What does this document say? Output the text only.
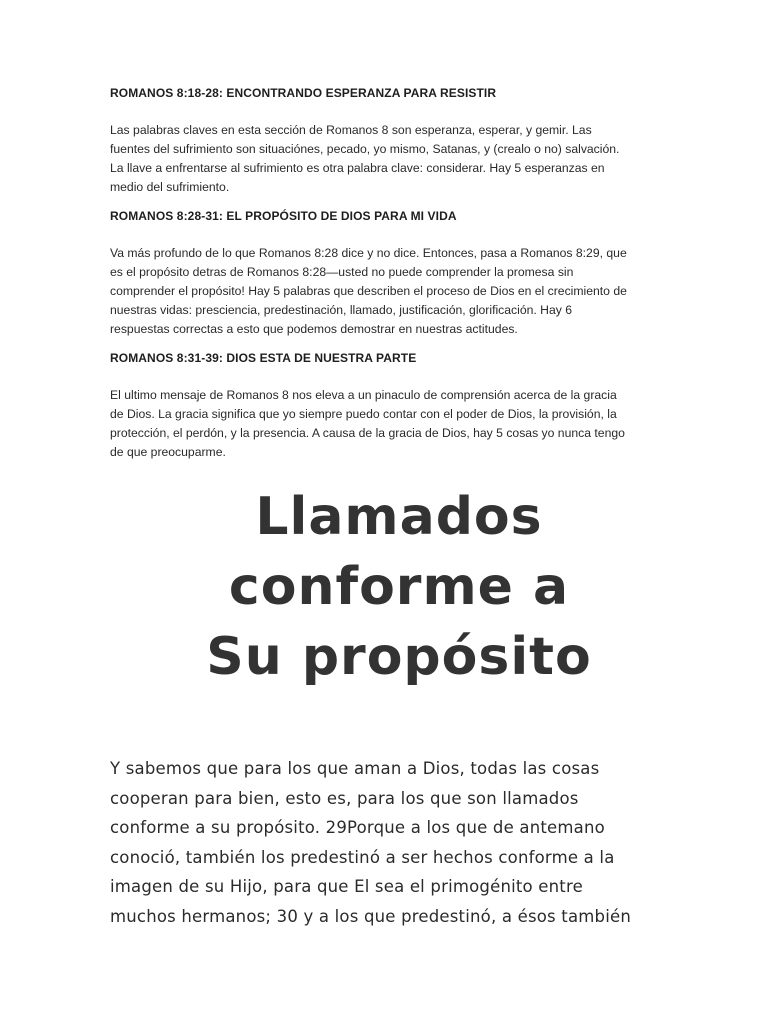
ROMANOS 8:18-28: ENCONTRANDO ESPERANZA PARA RESISTIR

Las palabras claves en esta sección de Romanos 8 son esperanza, esperar, y gemir. Las
fuentes del sufrimiento son situaciónes, pecado, yo mismo, Satanas, y (crealo o no) salvación.
La llave a enfrentarse al sufrimiento es otra palabra clave: considerar. Hay 5 esperanzas en
medio del sufrimiento.

ROMANOS 8:28-31: EL PROPÓSITO DE DIOS PARA MI VIDA

Va más profundo de lo que Romanos 8:28 dice y no dice. Entonces, pasa a Romanos 8:29, que
es el propósito detras de Romanos 8:28—usted no puede comprender la promesa sin
comprender el propósito! Hay 5 palabras que describen el proceso de Dios en el crecimiento de
nuestras vidas: presciencia, predestinación, llamado, justificación, glorificación. Hay 6
respuestas correctas a esto que podemos demostrar en nuestras actitudes.

ROMANOS 8:31-39: DIOS ESTA DE NUESTRA PARTE

El ultimo mensaje de Romanos 8 nos eleva a un pinaculo de comprensión acerca de la gracia
de Dios. La gracia significa que yo siempre puedo contar con el poder de Dios, la provisión, la
protección, el perdón, y la presencia. A causa de la gracia de Dios, hay 5 cosas yo nunca tengo
de que preocuparme.
Llamados
conforme a
Su propósito
Y sabemos que para los que aman a Dios, todas las cosas
cooperan para bien, esto es, para los que son llamados
conforme a su propósito. 29Porque a los que de antemano
conoció, también los predestinó a ser hechos conforme a la
imagen de su Hijo, para que El sea el primogénito entre
muchos hermanos; 30 y a los que predestinó, a ésos también
